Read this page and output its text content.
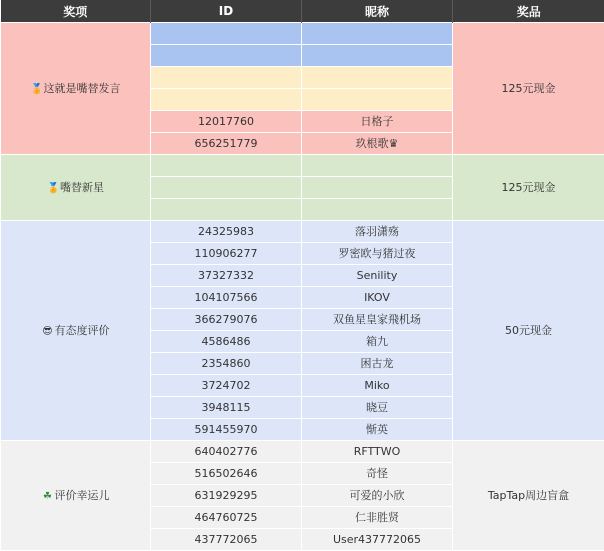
奖项	ID	昵称	奖品
🏅这就是嘴替发言			125元现金

	12017760	日格子	
	656251779	玖根歌♛	
🏅嘴替新星			125元现金

😎 有态度评价	24325983	落羽潇殇	50元现金
	110906277	罗密欧与猪过夜	
	37327332	Senility	
	104107566	IKOV	
	366279076	双鱼星皇家飛机场	
	4586486	箱九	
	2354860	困古龙	
	3724702	Miko	
	3948115	晓豆	
	591455970	惭英	
☘ 评价幸运儿	640402776	RFTTWO	TapTap周边盲盒
	516502646	奇怪	
	631929295	可爱的小欣	
	464760725	仁非胜贤	
	437772065	User437772065	
